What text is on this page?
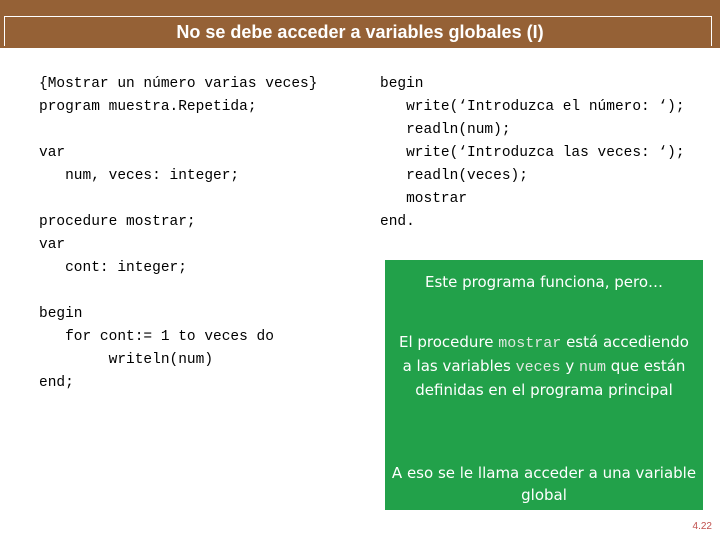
No se debe acceder a variables globales (I)
{Mostrar un número varias veces}
program muestra.Repetida;

var
num, veces: integer;

procedure mostrar;
var
cont: integer;

begin
for cont:= 1 to veces do
writeln(num)
end;
begin
write(‘Introduzca el número: ‘);
readln(num);
write(‘Introduzca las veces: ‘);
readln(veces);
mostrar
end.

Este programa funciona, pero…

El procedure mostrar está accediendo a las variables veces y num que están definidas en el programa principal

A eso se le llama acceder a una variable global

4.22
